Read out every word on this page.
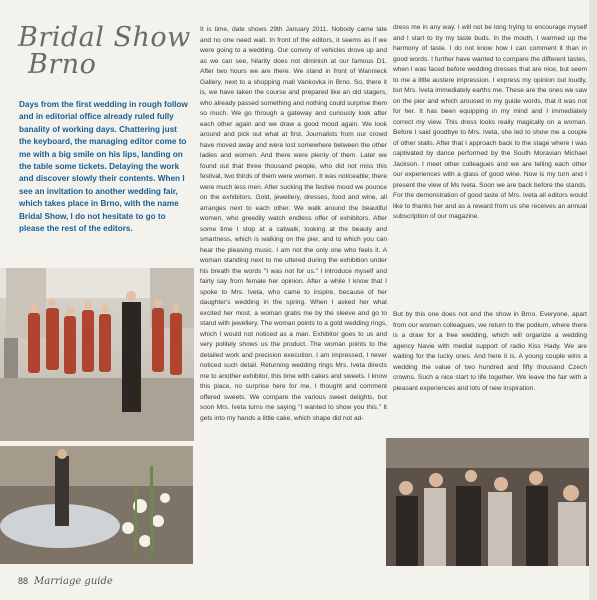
Bridal Show
Brno
Days from the first wedding in rough follow and in editorial office already ruled fully banality of working days. Chattering just the keyboard, the managing editor come to me with a big smile on his lips, landing on the table some tickets. Delaying the work and discover slowly their contents. When I see an invitation to another wedding fair, which takes place in Brno, with the name Bridal Show, I do not hesitate to go to please the rest of the editors.
It is time, date shows 29th January 2011. Nobody came late and no one need wait. In front of the editors, it seems as if we were going to a wedding. Our convoy of vehicles drove up and as we can see, hilarity does not diminish at our famous D1. After two hours we are there. We stand in front of Wannieck Gallery, next to a shopping mall Vankovka in Brno. So, there it is, we have taken the course and prepared like an old stagers, who already passed something and nothing could surprise them so much. We go through a gateway and curiously look after each other again and we draw a good mood again. We look around and pick out what at first. Journalists from our crowd have moved away and were lost somewhere between the other ladies and women. And there were plenty of them. Later we found out that three thousand people, who did not miss this festival, two thirds of them were women. It was noticeable; there were much less men. After sucking the festive mood we pounce on the exhibitors. Gold, jewellery, dresses, food and wine, all arranges next to each other. We walk around the beautiful women, who greedily watch endless offer of exhibitors. After some time I stop at a catwalk, looking at the beauty and smartness, which is walking on the pier, and to which you can hear the pleasing music. I am not the only one who feels it. A woman standing next to me uttered during the exhibition under his breath the words "I was not for us." I introduce myself and fairly say from female her opinion. After a while I know that I spoke to Mrs. Iveta, who came to inspire, because of her daughter's wedding in the spring. When I asked her what excited her most, a woman grabs me by the sleeve and go to stand with jewellery. The woman points to a gold wedding rings, which I would not noticed as a man. Exhibitor goes to us and very politely shows us the product. The woman points to the detailed work and precision execution. I am impressed, I never noticed such detail. Returning wedding rings Mrs. Iveta directs me to another exhibitor, this time with cakes and sweets. I know this place, no surprise here for me, I thought and comment offered sweets. We compare the various sweet delights, but soon Mrs. Iveta turns me saying "I wanted to show you this." It gets into my hands a little cake, which shape did not ad-
dress me in any way. I will not be long trying to encourage myself and I start to try my taste buds. In the mouth, I warmed up the harmony of taste. I do not know how I can comment it than in good words. I further have wanted to compare the different tastes, when I was faced before wedding dresses that are nice, but seem to me a little austere impression. I express my opinion out loudly, but Mrs. Iveta immediately earths me. These are the ones we saw on the pier and which aroused in my guide words, that it was not for her. It has been equipping in my mind and I immediately correct my view. This dress looks really magically on a woman. Before I said goodbye to Mrs. Iveta, she led to show me a couple of other stalls. After that I approach back to the stage where I was captivated by dance performed by the South Moravian Michael Jackson. I meet other colleagues and we are telling each other our experiences with a glass of good wine. Now is my turn and I present the view of Ms Iveta. Soon we are back before the stands. For the demonstration of good taste of Mrs. Iveta all editors would like to thanks her and as a reward from us she receives an annual subscription of our magazine.
But by this one does not end the show in Brno. Everyone, apart from our women colleagues, we return to the podium, where there is a draw for a free wedding, which will organize a wedding agency Navie with medial support of radio Kiss Hady. We are waiting for the lucky ones. And here it is. A young couple wins a wedding the value of two hundred and fifty thousand Czech crowns. Such a nice start to life together. We leave the fair with a pleasant experiences and lots of new inspiration.
88 Marriage guide
